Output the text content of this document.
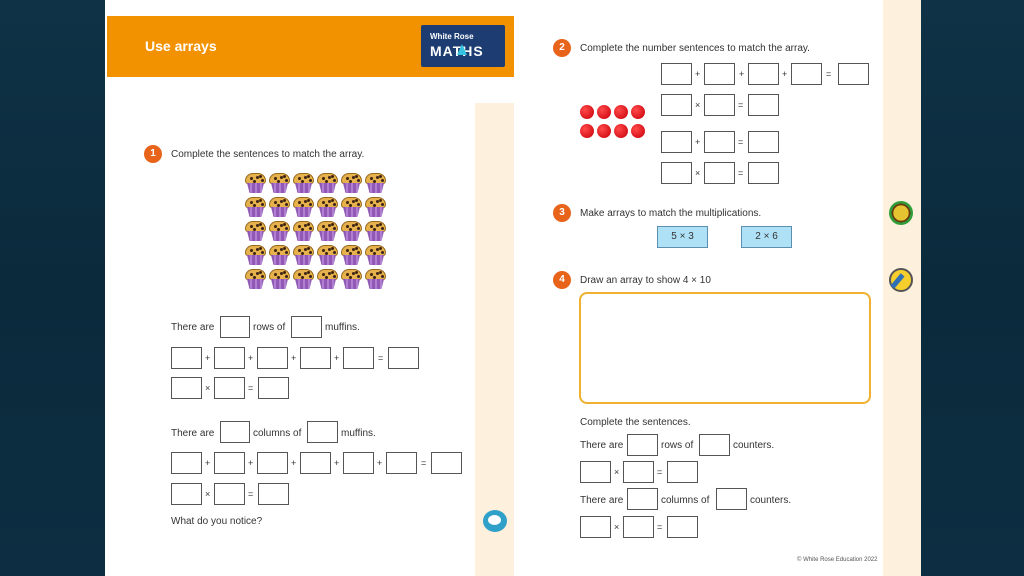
Use arrays
White Rose
MATHS
1	Complete the sentences to match the array.
There are	rows of	muffins.
+	+	+	+	=
×	=
There are	columns of	muffins.
+	+	+	+	+	=
×	=
What do you notice?
2	Complete the number sentences to match the array.
+	+	+	=
×	=
+	=
×	=
3	Make arrays to match the multiplications.
5 × 3	2 × 6
4	Draw an array to show 4 × 10
Complete the sentences.
There are	rows of	counters.
×	=
There are	columns of	counters.
×	=
© White Rose Education 2022
